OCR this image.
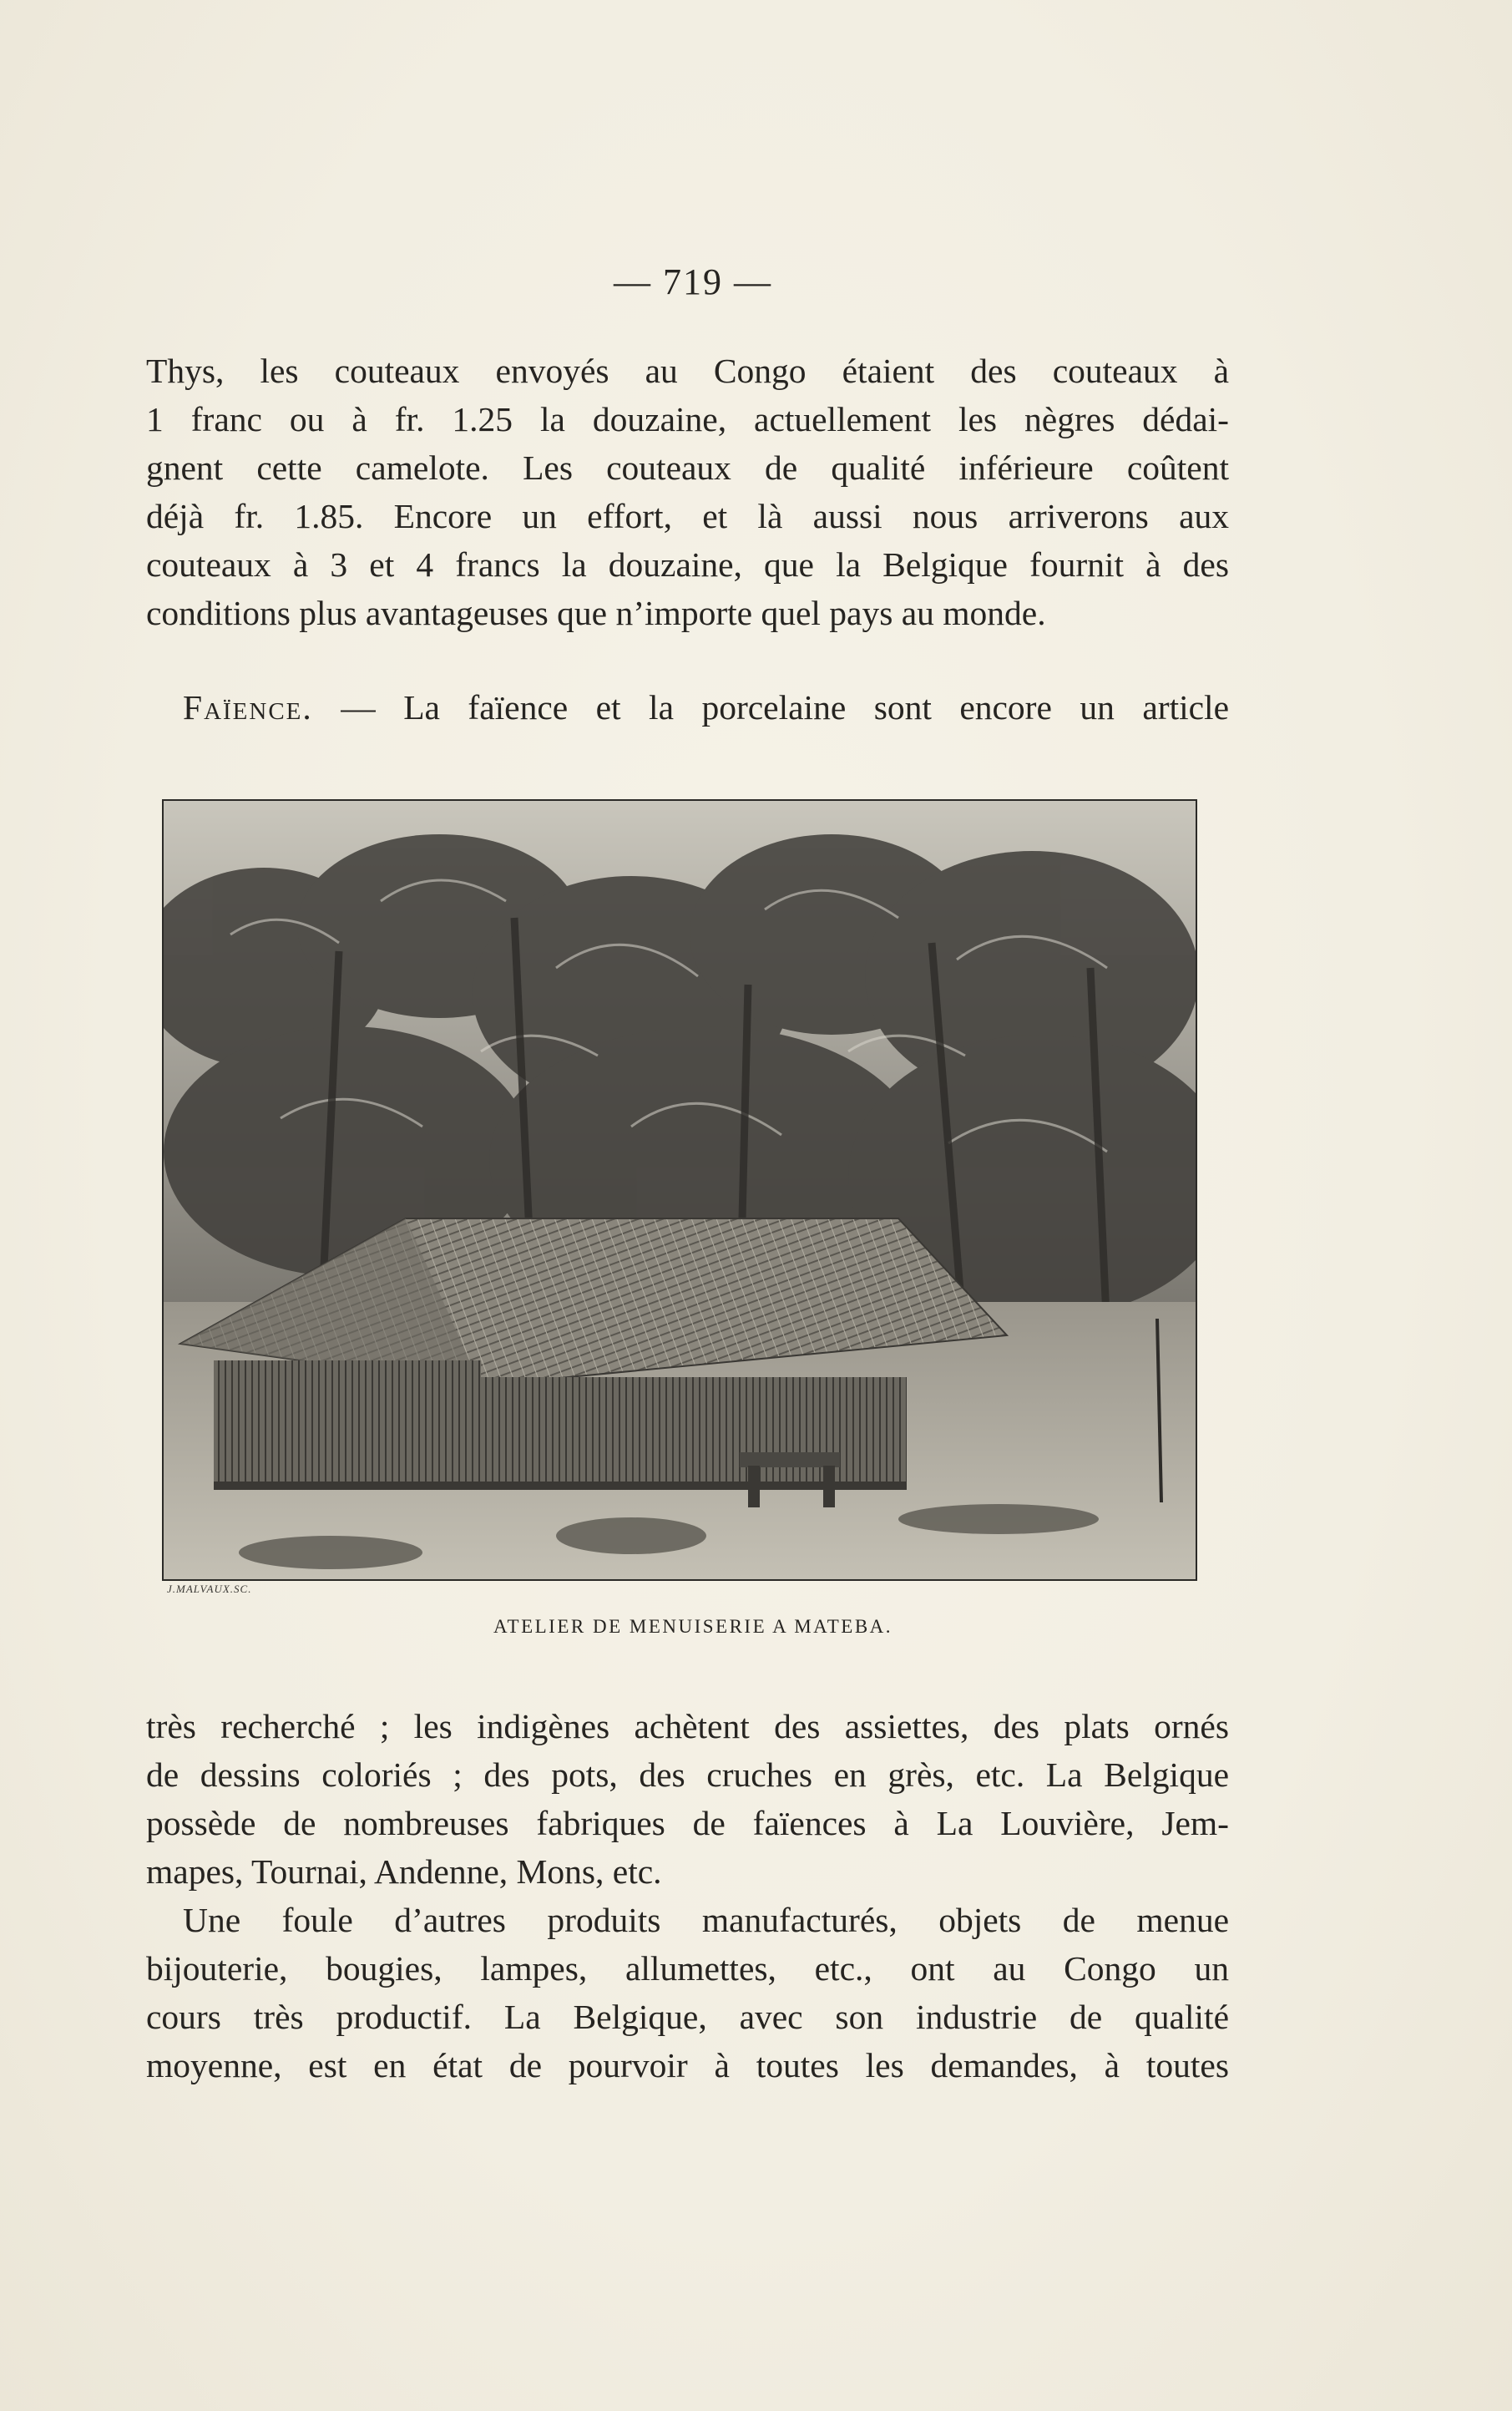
— 719 —
Thys, les couteaux envoyés au Congo étaient des couteaux à
1 franc ou à fr. 1.25 la douzaine, actuellement les nègres dédai-
gnent cette camelote. Les couteaux de qualité inférieure coûtent
déjà fr. 1.85. Encore un effort, et là aussi nous arriverons aux
couteaux à 3 et 4 francs la douzaine, que la Belgique fournit à des
conditions plus avantageuses que n’importe quel pays au monde.
Faïence. — La faïence et la porcelaine sont encore un article
J.MALVAUX.SC.
ATELIER DE MENUISERIE A MATEBA.
très recherché ; les indigènes achètent des assiettes, des plats ornés
de dessins coloriés ; des pots, des cruches en grès, etc. La Belgique
possède de nombreuses fabriques de faïences à La Louvière, Jem-
mapes, Tournai, Andenne, Mons, etc.
Une foule d’autres produits manufacturés, objets de menue
bijouterie, bougies, lampes, allumettes, etc., ont au Congo un
cours très productif. La Belgique, avec son industrie de qualité
moyenne, est en état de pourvoir à toutes les demandes, à toutes
